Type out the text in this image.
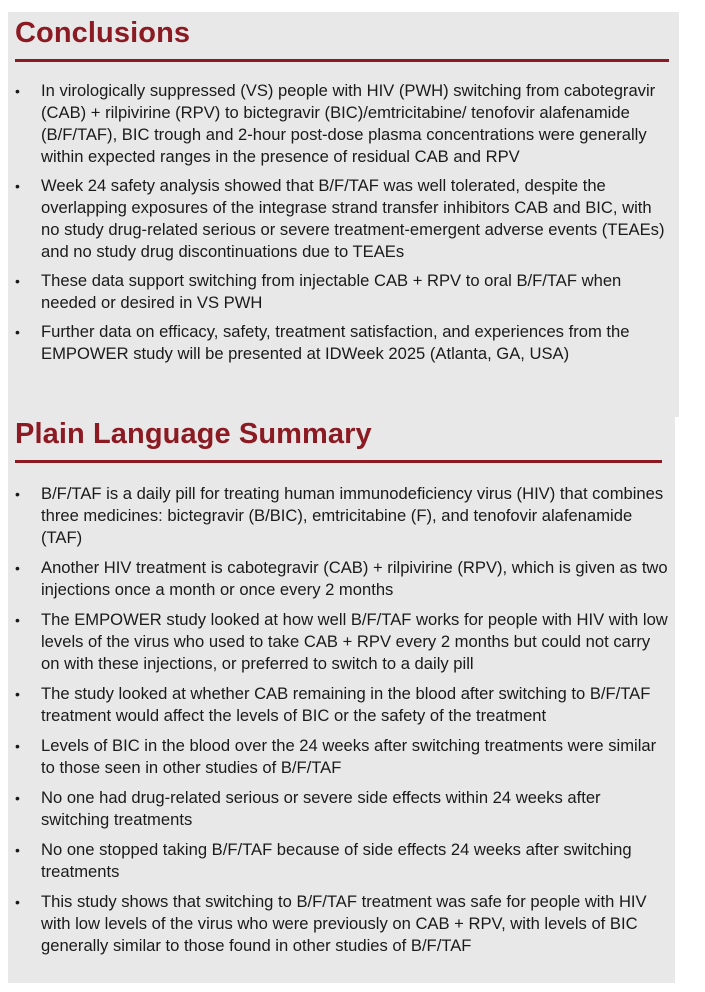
Conclusions
• In virologically suppressed (VS) people with HIV (PWH) switching from cabotegravir (CAB) + rilpivirine (RPV) to bictegravir (BIC)/emtricitabine/ tenofovir alafenamide (B/F/TAF), BIC trough and 2-hour post-dose plasma concentrations were generally within expected ranges in the presence of residual CAB and RPV
• Week 24 safety analysis showed that B/F/TAF was well tolerated, despite the overlapping exposures of the integrase strand transfer inhibitors CAB and BIC, with no study drug-related serious or severe treatment-emergent adverse events (TEAEs) and no study drug discontinuations due to TEAEs
• These data support switching from injectable CAB + RPV to oral B/F/TAF when needed or desired in VS PWH
• Further data on efficacy, safety, treatment satisfaction, and experiences from the EMPOWER study will be presented at IDWeek 2025 (Atlanta, GA, USA)
Plain Language Summary
• B/F/TAF is a daily pill for treating human immunodeficiency virus (HIV) that combines three medicines: bictegravir (B/BIC), emtricitabine (F), and tenofovir alafenamide (TAF)
• Another HIV treatment is cabotegravir (CAB) + rilpivirine (RPV), which is given as two injections once a month or once every 2 months
• The EMPOWER study looked at how well B/F/TAF works for people with HIV with low levels of the virus who used to take CAB + RPV every 2 months but could not carry on with these injections, or preferred to switch to a daily pill
• The study looked at whether CAB remaining in the blood after switching to B/F/TAF treatment would affect the levels of BIC or the safety of the treatment
• Levels of BIC in the blood over the 24 weeks after switching treatments were similar to those seen in other studies of B/F/TAF
• No one had drug-related serious or severe side effects within 24 weeks after switching treatments
• No one stopped taking B/F/TAF because of side effects 24 weeks after switching treatments
• This study shows that switching to B/F/TAF treatment was safe for people with HIV with low levels of the virus who were previously on CAB + RPV, with levels of BIC generally similar to those found in other studies of B/F/TAF
